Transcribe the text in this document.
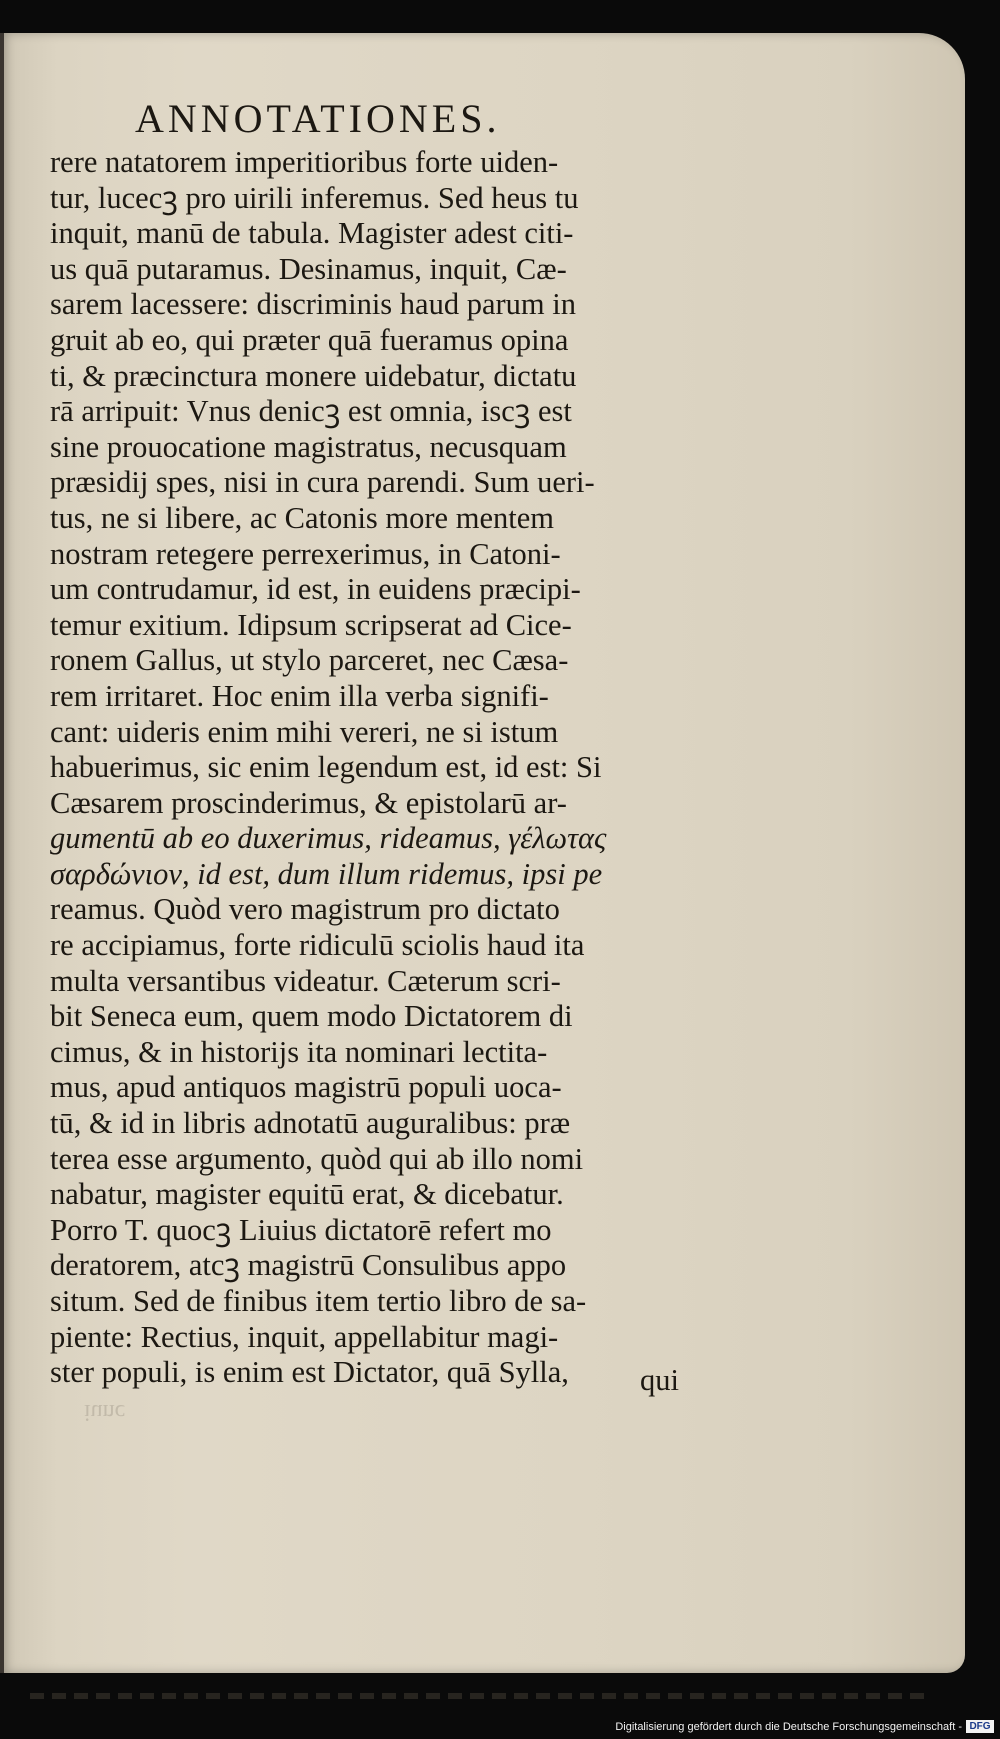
ANNOTATIONES.
rere natatorem imperitioribus forte uiden-
tur, lucecꝫ pro uirili inferemus. Sed heus tu
inquit, manū de tabula. Magister adest citi-
us quā putaramus. Desinamus, inquit, Cæ-
sarem lacessere: discriminis haud parum in
gruit ab eo, qui præter quā fueramus opina
ti, & præcinctura monere uidebatur, dictatu
rā arripuit: Vnus denicꝫ est omnia, iscꝫ est
sine prouocatione magistratus, necusquam
præsidij spes, nisi in cura parendi. Sum ueri-
tus, ne si libere, ac Catonis more mentem
nostram retegere perrexerimus, in Catoni-
um contrudamur, id est, in euidens præcipi-
temur exitium. Idipsum scripserat ad Cice-
ronem Gallus, ut stylo parceret, nec Cæsa-
rem irritaret. Hoc enim illa verba signifi-
cant: uideris enim mihi vereri, ne si istum
habuerimus, sic enim legendum est, id est: Si
Cæsarem proscinderimus, & epistolarū ar-
gumentū ab eo duxerimus, rideamus, γέλωτας
σαρδώνιον, id est, dum illum ridemus, ipsi pe
reamus. Quòd vero magistrum pro dictato
re accipiamus, forte ridiculū sciolis haud ita
multa versantibus videatur. Cæterum scri-
bit Seneca eum, quem modo Dictatorem di
cimus, & in historijs ita nominari lectita-
mus, apud antiquos magistrū populi uoca-
tū, & id in libris adnotatū auguralibus: præ
terea esse argumento, quòd qui ab illo nomi
nabatur, magister equitū erat, & dicebatur.
Porro T. quocꝫ Liuius dictatorē refert mo
deratorem, atcꝫ magistrū Consulibus appo
situm. Sed de finibus item tertio libro de sa-
piente: Rectius, inquit, appellabitur magi-
ster populi, is enim est Dictator, quā Sylla,	qui
iunc
Digitalisierung gefördert durch die Deutsche Forschungsgemeinschaft - DFG
